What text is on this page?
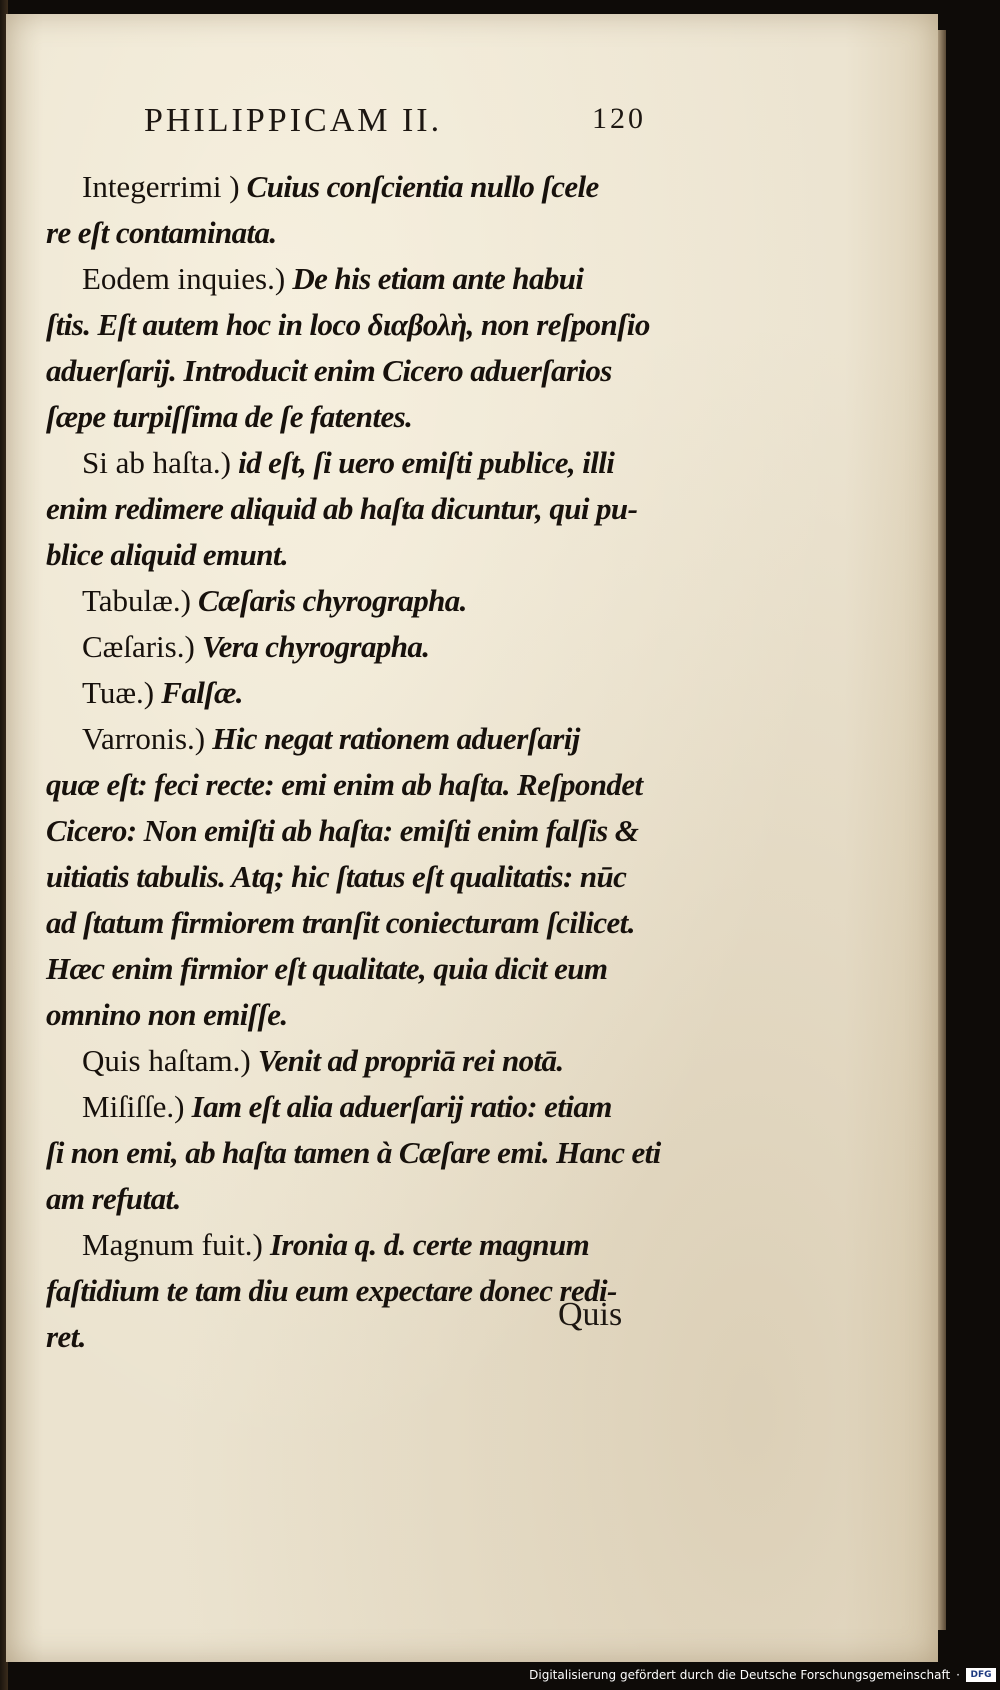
PHILIPPICAM II.	120
Integerrimi ) Cuius conſcientia nullo ſcele
re eſt contaminata.
Eodem inquies.) De his etiam ante habui
ſtis. Eſt autem hoc in loco διαβολὴ, non reſponſio
aduerſarij. Introducit enim Cicero aduerſarios
ſæpe turpiſſima de ſe fatentes.
Si ab haſta.) id eſt, ſi uero emiſti publice, illi
enim redimere aliquid ab haſta dicuntur, qui pu-
blice aliquid emunt.
Tabulæ.) Cæſaris chyrographa.
Cæſaris.) Vera chyrographa.
Tuæ.) Falſæ.
Varronis.) Hic negat rationem aduerſarij
quæ eſt: feci recte: emi enim ab haſta. Reſpondet
Cicero: Non emiſti ab haſta: emiſti enim falſis &
uitiatis tabulis. Atq; hic ſtatus eſt qualitatis: nūc
ad ſtatum firmiorem tranſit coniecturam ſcilicet.
Hæc enim firmior eſt qualitate, quia dicit eum
omnino non emiſſe.
Quis haſtam.) Venit ad propriā rei notā.
Miſiſſe.) Iam eſt alia aduerſarij ratio: etiam
ſi non emi, ab haſta tamen à Cæſare emi. Hanc eti
am refutat.
Magnum fuit.) Ironia q. d. certe magnum
faſtidium te tam diu eum expectare donec redi-
ret.
Quis
Digitalisierung gefördert durch die Deutsche Forschungsgemeinschaft ·	DFG
